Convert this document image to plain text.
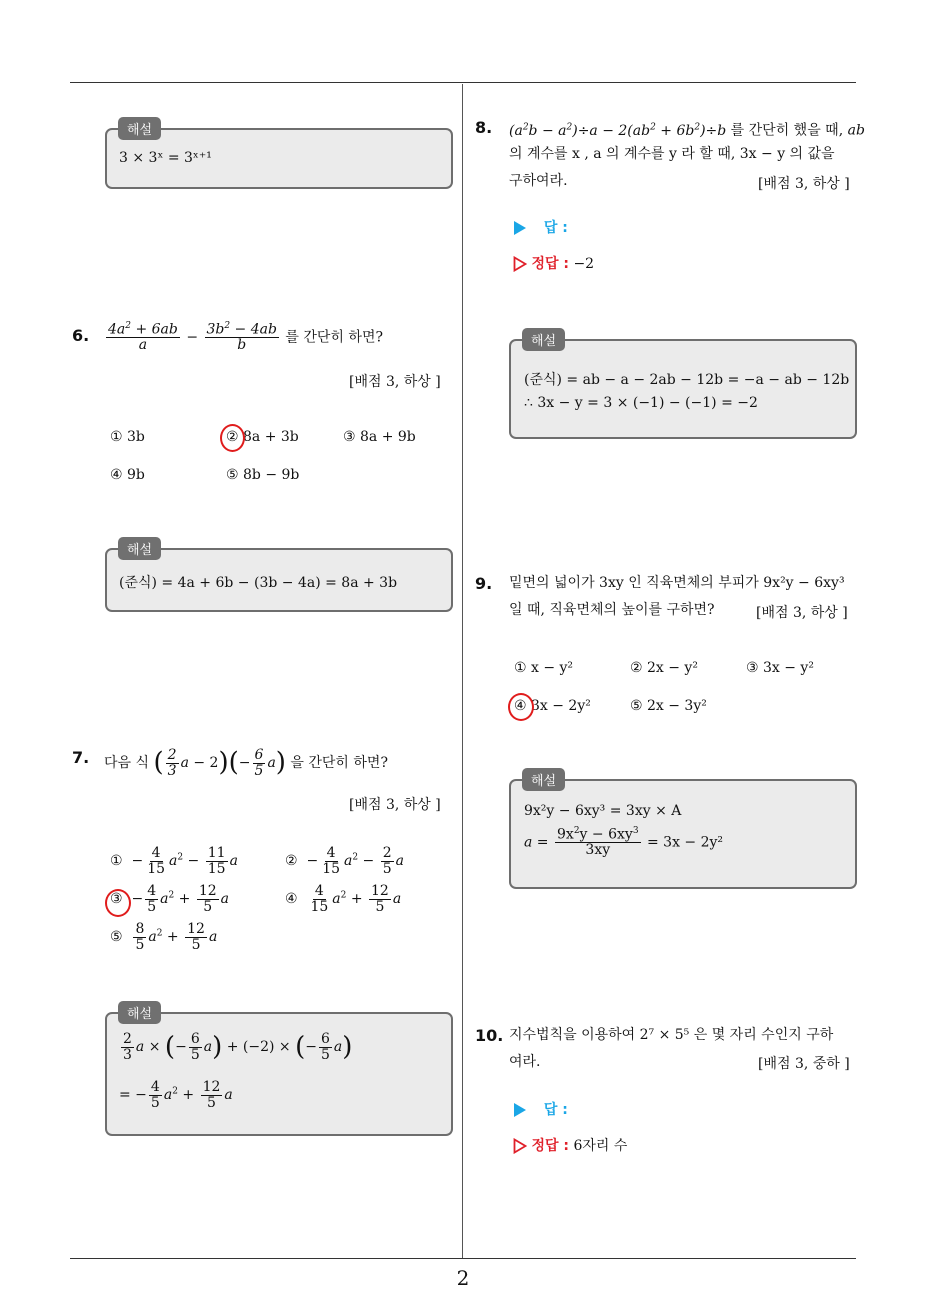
3 × 3ˣ = 3ˣ⁺¹
해설
6. $\frac{4a^2 + 6ab}{a} - \frac{3b^2 - 4ab}{b}$ 를 간단히 하면?
[배점 3, 하상 ]
① 3b	② 8a + 3b	③ 8a + 9b
④ 9b	⑤ 8b − 9b
(준식) = 4a + 6b − (3b − 4a) = 8a + 3b
해설
7. 다음 식 ( $\frac{2}{3}$ $a - 2)(- \frac{6}{5} a)$ 을 간단히 하면?
[배점 3, 하상 ]
①  − $\frac{4}{15} a^2 - \frac{11}{15}$ a	②  − $\frac{4}{15} a^2 - \frac{2}{5}$ a
③  − $\frac{4}{5} a^2 + \frac{12}{5}$ a	④ $\frac{4}{15} a^2 + \frac{12}{5}$ a
⑤ $\frac{8}{5} a^2 + \frac{12}{5}$ a
$\frac{2}{3}$ a × (− $\frac{6}{5} a) + (-2)$ × (− $\frac{6}{5} a$)
= − $\frac{4}{5} a^2 + \frac{12}{5}$ a
해설
8. $(a^2b - a^2)\div a - 2(ab^2 + 6b^2)\div b$ 를 간단히 했을 때, ab
의 계수를 x , a 의 계수를 y 라 할 때, 3x − y 의 값을
구하여라.	[배점 3, 하상 ]
답 :
정답 : −2
(준식) = ab − a − 2ab − 12b = −a − ab − 12b
∴ 3x − y = 3 × (−1) − (−1) = −2
해설
9. 밑면의 넓이가 3xy 인 직육면체의 부피가 9x²y − 6xy³
일 때, 직육면체의 높이를 구하면?	[배점 3, 하상 ]
① x − y²	② 2x − y²	③ 3x − y²
④ 3x − 2y²	⑤ 2x − 3y²
9x²y − 6xy³ = 3xy × A
$a = \frac{9x^2y - 6xy^3}{3xy} = 3x - 2y^2$
해설
10. 지수법칙을 이용하여 2⁷ × 5⁵ 은 몇 자리 수인지 구하
여라.	[배점 3, 중하 ]
답 :
정답 : 6자리 수
2
